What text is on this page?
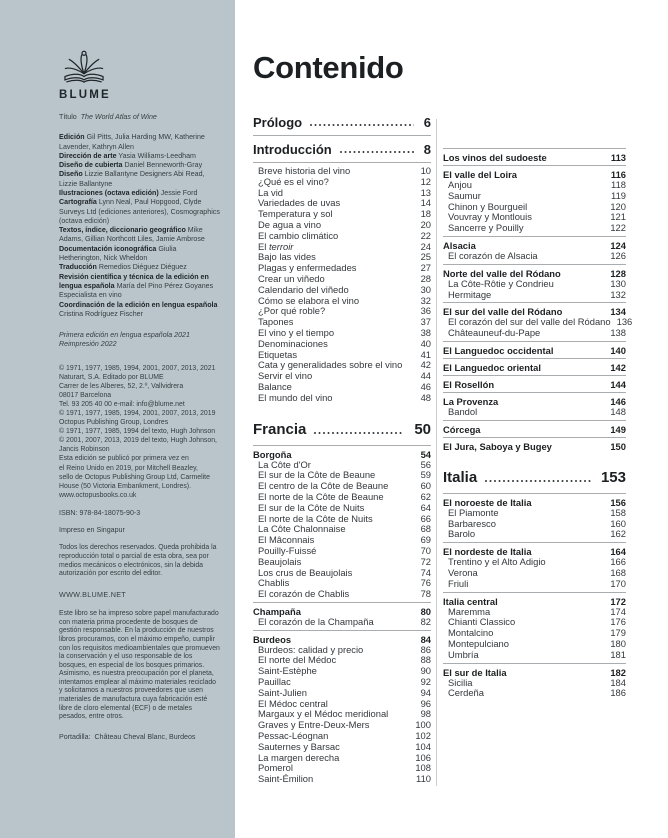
BLUME

Título The World Atlas of Wine

Edición Gil Pitts, Julia Harding MW, Katherine Lavender, Kathryn Allen

Dirección de arte Yasia Williams-Leedham

Diseño de cubierta Daniel Benneworth-Gray

Diseño Lizzie Ballantyne Designers Abi Read, Lizzie Ballantyne

Ilustraciones (octava edición) Jessie Ford

Cartografía Lynn Neal, Paul Hopgood, Clyde Surveys Ltd (ediciones anteriores), Cosmographics (octava edición)

Textos, índice, diccionario geográfico Mike Adams, Gillian Northcott Liles, Jamie Ambrose

Documentación iconográfica Giulia Hetherington, Nick Wheldon

Traducción Remedios Diéguez Diéguez

Revisión científica y técnica de la edición en lengua española María del Pino Pérez Goyanes Especialista en vino

Coordinación de la edición en lengua española Cristina Rodríguez Fischer

Primera edición en lengua española 2021
Reimpresión 2022
© 1971, 1977, 1985, 1994, 2001, 2007, 2013, 2021
Naturart, S.A. Editado por BLUME
Carrer de les Alberes, 52, 2.º, Vallvidrera
08017 Barcelona
Tel. 93 205 40 00 e-mail: info@blume.net
© 1971, 1977, 1985, 1994, 2001, 2007, 2013, 2019
Octopus Publishing Group, Londres
© 1971, 1977, 1985, 1994 del texto, Hugh Johnson
© 2001, 2007, 2013, 2019 del texto, Hugh Johnson,
Jancis Robinson
Esta edición se publicó por primera vez en
el Reino Unido en 2019, por Mitchell Beazley,
sello de Octopus Publishing Group Ltd, Carmelite
House (50 Victoria Embankment, Londres).
www.octopusbooks.co.uk
ISBN: 978-84-18075-90-3
Impreso en Singapur
Todos los derechos reservados. Queda prohibida la reproducción total o parcial de esta obra, sea por medios mecánicos o electrónicos, sin la debida autorización por escrito del editor.
WWW.BLUME.NET
Este libro se ha impreso sobre papel manufacturado con materia prima procedente de bosques de gestión responsable. En la producción de nuestros libros procuramos, con el máximo empeño, cumplir con los requisitos medioambientales que promueven la conservación y el uso responsable de los bosques, en especial de los bosques primarios. Asimismo, es nuestra preocupación por el planeta, intentamos emplear al máximo materiales reciclado y solicitamos a nuestros proveedores que usen materiales de manufactura cuya fabricación esté libre de cloro elemental (ECF) o de metales pesados, entre otros.
Portadilla: Château Cheval Blanc, Burdeos
Contenido
Prólogo	6
Introducción	8
Breve historia del vino	10
¿Qué es el vino?	12
La vid	13
Variedades de uvas	14
Temperatura y sol	18
De agua a vino	20
El cambio climático	22
El terroir	24
Bajo las vides	25
Plagas y enfermedades	27
Crear un viñedo	28
Calendario del viñedo	30
Cómo se elabora el vino	32
¿Por qué roble?	36
Tapones	37
El vino y el tiempo	38
Denominaciones	40
Etiquetas	41
Cata y generalidades sobre el vino	42
Servir el vino	44
Balance	46
El mundo del vino	48
Francia	50
Borgoña	54
La Côte d'Or	56
El sur de la Côte de Beaune	59
El centro de la Côte de Beaune	60
El norte de la Côte de Beaune	62
El sur de la Côte de Nuits	64
El norte de la Côte de Nuits	66
La Côte Chalonnaise	68
El Mâconnais	69
Pouilly-Fuissé	70
Beaujolais	72
Los crus de Beaujolais	74
Chablis	76
El corazón de Chablis	78
Champaña	80
El corazón de la Champaña	82
Burdeos	84
Burdeos: calidad y precio	86
El norte del Médoc	88
Saint-Estèphe	90
Pauillac	92
Saint-Julien	94
El Médoc central	96
Margaux y el Médoc meridional	98
Graves y Entre-Deux-Mers	100
Pessac-Léognan	102
Sauternes y Barsac	104
La margen derecha	106
Pomerol	108
Saint-Émilion	110
Los vinos del sudoeste	113
El valle del Loira	116
Anjou	118
Saumur	119
Chinon y Bourgueil	120
Vouvray y Montlouis	121
Sancerre y Pouilly	122
Alsacia	124
El corazón de Alsacia	126
Norte del valle del Ródano	128
La Côte-Rôtie y Condrieu	130
Hermitage	132
El sur del valle del Ródano	134
El corazón del sur del valle del Ródano 136
Châteauneuf-du-Pape	138
El Languedoc occidental	140
El Languedoc oriental	142
El Rosellón	144
La Provenza	146
Bandol	148
Córcega	149
El Jura, Saboya y Bugey	150
Italia	153
El noroeste de Italia	156
El Piamonte	158
Barbaresco	160
Barolo	162
El nordeste de Italia	164
Trentino y el Alto Adigio	166
Verona	168
Friuli	170
Italia central	172
Maremma	174
Chianti Classico	176
Montalcino	179
Montepulciano	180
Umbría	181
El sur de Italia	182
Sicilia	184
Cerdeña	186
